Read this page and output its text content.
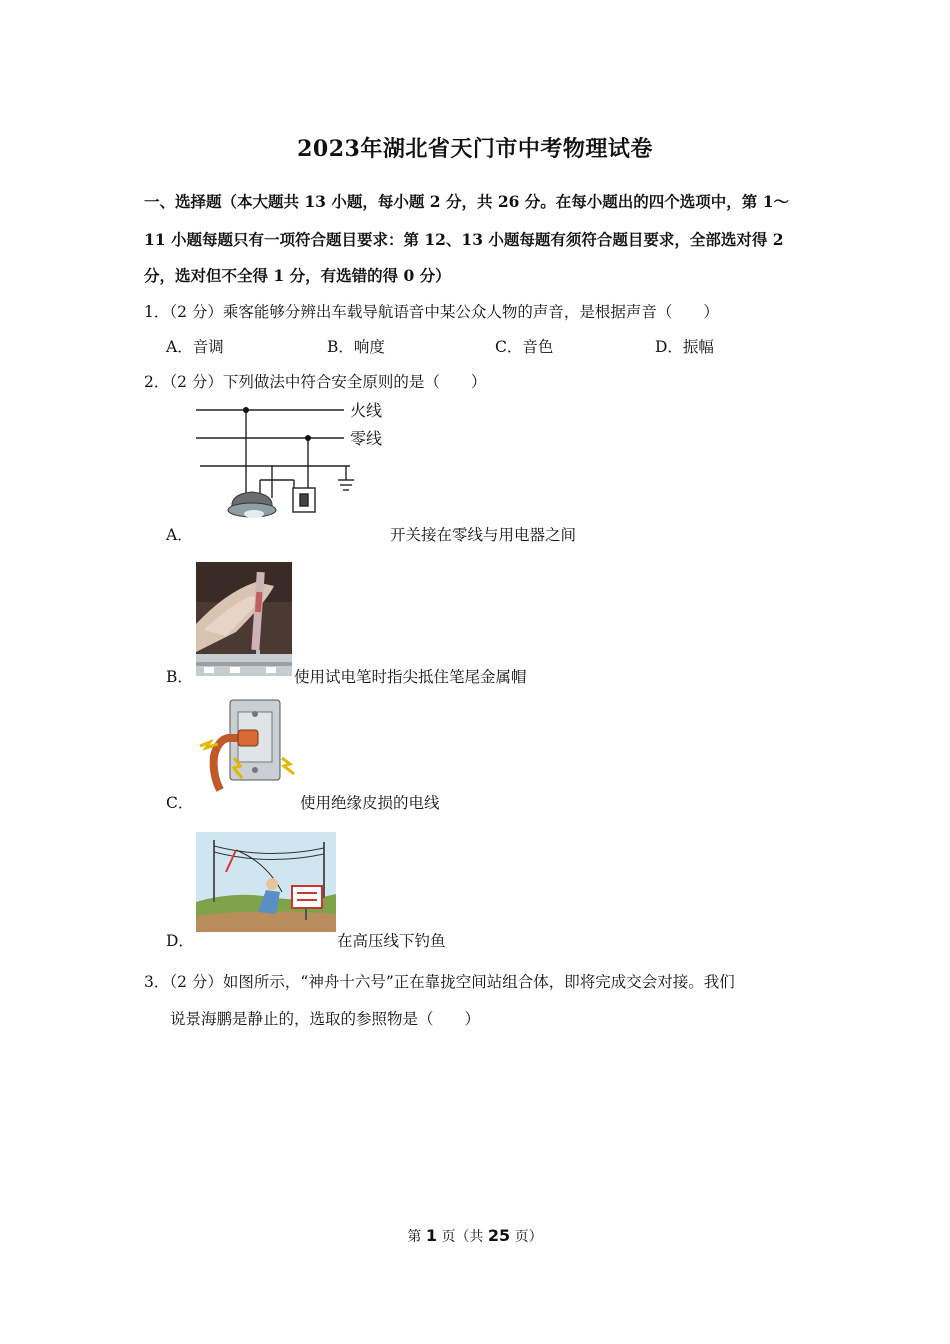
2023年湖北省天门市中考物理试卷
一、选择题（本大题共 13 小题，每小题 2 分，共 26 分。在每小题出的四个选项中，第 1～
11 小题每题只有一项符合题目要求：第 12、13 小题每题有须符合题目要求，全部选对得 2
分，选对但不全得 1 分，有选错的得 0 分）
1．（2 分）乘客能够分辨出车载导航语音中某公众人物的声音，是根据声音（　　）
A．音调	B．响度	C．音色	D．振幅
2．（2 分）下列做法中符合安全原则的是（　　）
火线
零线
A．	开关接在零线与用电器之间
B．	使用试电笔时指尖抵住笔尾金属帽
C．	使用绝缘皮损的电线
D．	在高压线下钓鱼
3．（2 分）如图所示，“神舟十六号”正在靠拢空间站组合体，即将完成交会对接。我们
说景海鹏是静止的，选取的参照物是（　　）
第 1 页（共 25 页）
